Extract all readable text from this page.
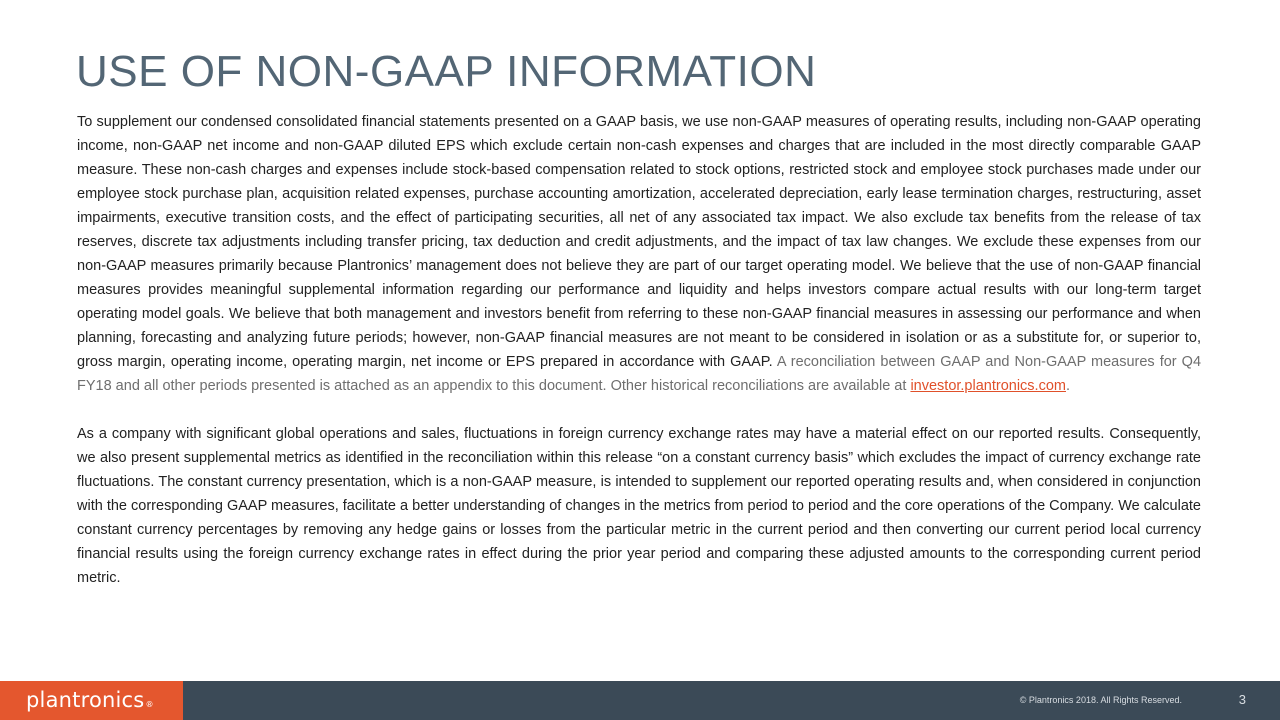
USE OF NON-GAAP INFORMATION

To supplement our condensed consolidated financial statements presented on a GAAP basis, we use non-GAAP measures of operating results, including non-GAAP operating income, non-GAAP net income and non-GAAP diluted EPS which exclude certain non-cash expenses and charges that are included in the most directly comparable GAAP measure. These non-cash charges and expenses include stock-based compensation related to stock options, restricted stock and employee stock purchases made under our employee stock purchase plan, acquisition related expenses, purchase accounting amortization, accelerated depreciation, early lease termination charges, restructuring, asset impairments, executive transition costs, and the effect of participating securities, all net of any associated tax impact. We also exclude tax benefits from the release of tax reserves, discrete tax adjustments including transfer pricing, tax deduction and credit adjustments, and the impact of tax law changes. We exclude these expenses from our non-GAAP measures primarily because Plantronics’ management does not believe they are part of our target operating model. We believe that the use of non-GAAP financial measures provides meaningful supplemental information regarding our performance and liquidity and helps investors compare actual results with our long-term target operating model goals. We believe that both management and investors benefit from referring to these non-GAAP financial measures in assessing our performance and when planning, forecasting and analyzing future periods; however, non-GAAP financial measures are not meant to be considered in isolation or as a substitute for, or superior to, gross margin, operating income, operating margin, net income or EPS prepared in accordance with GAAP. A reconciliation between GAAP and Non-GAAP measures for Q4 FY18 and all other periods presented is attached as an appendix to this document. Other historical reconciliations are available at investor.plantronics.com.

As a company with significant global operations and sales, fluctuations in foreign currency exchange rates may have a material effect on our reported results. Consequently, we also present supplemental metrics as identified in the reconciliation within this release “on a constant currency basis” which excludes the impact of currency exchange rate fluctuations. The constant currency presentation, which is a non-GAAP measure, is intended to supplement our reported operating results and, when considered in conjunction with the corresponding GAAP measures, facilitate a better understanding of changes in the metrics from period to period and the core operations of the Company. We calculate constant currency percentages by removing any hedge gains or losses from the particular metric in the current period and then converting our current period local currency financial results using the foreign currency exchange rates in effect during the prior year period and comparing these adjusted amounts to the corresponding current period metric.

plantronics®	© Plantronics 2018. All Rights Reserved.	3
